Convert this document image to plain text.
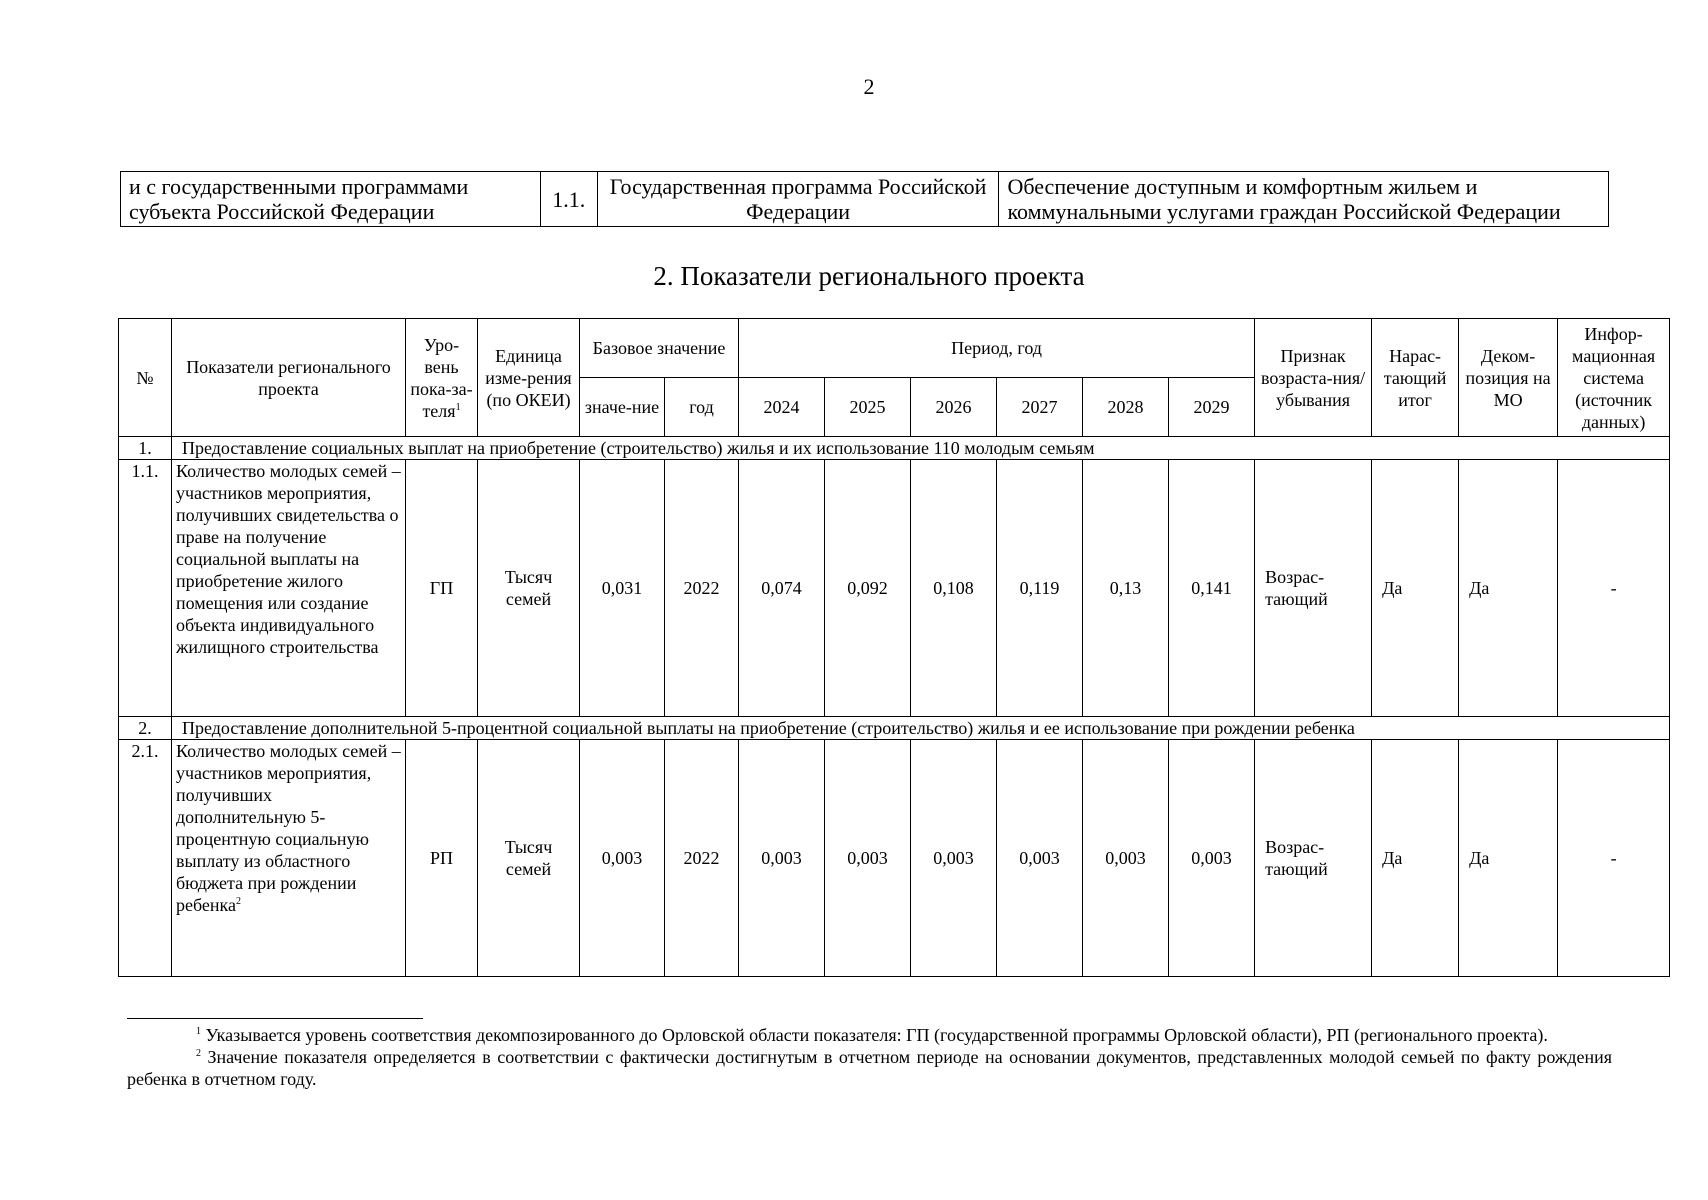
2
и с государственными программами субъекта Российской Федерации	1.1.	Государственная программа Российской Федерации	Обеспечение доступным и комфортным жильем и коммунальными услугами граждан Российской Федерации
2. Показатели регионального проекта
№	Показатели регионального проекта	Уро-вень пока-за-теля$^1$	Единица изме-рения (по ОКЕИ)	Базовое значение		Период, год						Признак возраста-ния/ убывания	Нарас-тающий итог	Деком-позиция на МО	Инфор-мационная система (источник данных)
				значе-ние	год	2024	2025	2026	2027	2028	2029				
1.	Предоставление социальных выплат на приобретение (строительство) жилья и их использование 110 молодым семьям														
1.1.	Количество молодых семей – участников мероприятия, получивших свидетельства о праве на получение социальной выплаты на приобретение жилого помещения или создание объекта индивидуального жилищного строительства	ГП	Тысяч семей	0,031	2022	0,074	0,092	0,108	0,119	0,13	0,141	Возрас-тающий	Да	Да	-
2.	Предоставление дополнительной 5-процентной социальной выплаты на приобретение (строительство) жилья и ее использование при рождении ребенка														
2.1.	Количество молодых семей – участников мероприятия, получивших дополнительную 5-процентную социальную выплату из областного бюджета при рождении ребенка$^2$	РП	Тысяч семей	0,003	2022	0,003	0,003	0,003	0,003	0,003	0,003	Возрас-тающий	Да	Да	-

$^1$ Указывается уровень соответствия декомпозированного до Орловской области показателя: ГП (государственной программы Орловской области), РП (регионального проекта).

$^2$ Значение показателя определяется в соответствии с фактически достигнутым в отчетном периоде на основании документов, представленных молодой семьей по факту рождения ребенка в отчетном году.
